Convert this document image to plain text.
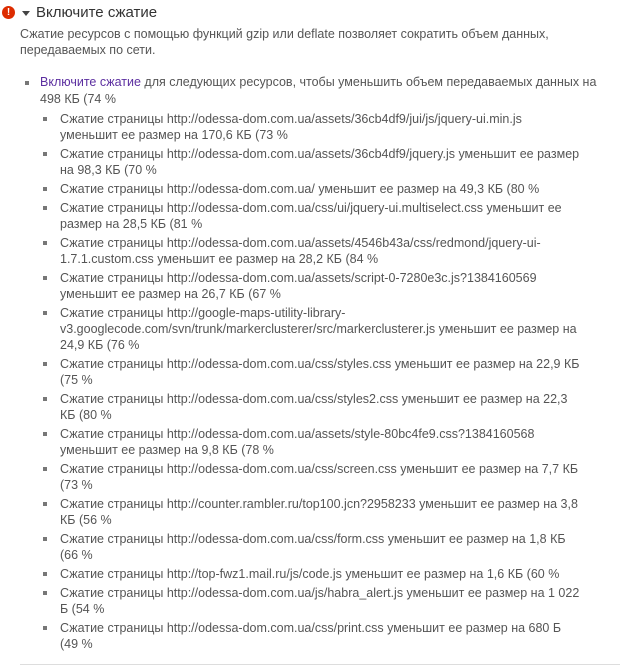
!	Включите сжатие
Сжатие ресурсов с помощью функций gzip или deflate позволяет сократить объем данных, передаваемых по сети.
Включите сжатие для следующих ресурсов, чтобы уменьшить объем передаваемых данных на 498 КБ (74 %
Сжатие страницы http://odessa-dom.com.ua/assets/36cb4df9/jui/js/jquery-ui.min.js уменьшит ее размер на 170,6 КБ (73 %
Сжатие страницы http://odessa-dom.com.ua/assets/36cb4df9/jquery.js уменьшит ее размер на 98,3 КБ (70 %
Сжатие страницы http://odessa-dom.com.ua/ уменьшит ее размер на 49,3 КБ (80 %
Сжатие страницы http://odessa-dom.com.ua/css/ui/jquery-ui.multiselect.css уменьшит ее размер на 28,5 КБ (81 %
Сжатие страницы http://odessa-dom.com.ua/assets/4546b43a/css/redmond/jquery-ui-1.7.1.custom.css уменьшит ее размер на 28,2 КБ (84 %
Сжатие страницы http://odessa-dom.com.ua/assets/script-0-7280e3c.js?1384160569 уменьшит ее размер на 26,7 КБ (67 %
Сжатие страницы http://google-maps-utility-library-v3.googlecode.com/svn/trunk/markerclusterer/src/markerclusterer.js уменьшит ее размер на 24,9 КБ (76 %
Сжатие страницы http://odessa-dom.com.ua/css/styles.css уменьшит ее размер на 22,9 КБ (75 %
Сжатие страницы http://odessa-dom.com.ua/css/styles2.css уменьшит ее размер на 22,3 КБ (80 %
Сжатие страницы http://odessa-dom.com.ua/assets/style-80bc4fe9.css?1384160568 уменьшит ее размер на 9,8 КБ (78 %
Сжатие страницы http://odessa-dom.com.ua/css/screen.css уменьшит ее размер на 7,7 КБ (73 %
Сжатие страницы http://counter.rambler.ru/top100.jcn?2958233 уменьшит ее размер на 3,8 КБ (56 %
Сжатие страницы http://odessa-dom.com.ua/css/form.css уменьшит ее размер на 1,8 КБ (66 %
Сжатие страницы http://top-fwz1.mail.ru/js/code.js уменьшит ее размер на 1,6 КБ (60 %
Сжатие страницы http://odessa-dom.com.ua/js/habra_alert.js уменьшит ее размер на 1 022 Б (54 %
Сжатие страницы http://odessa-dom.com.ua/css/print.css уменьшит ее размер на 680 Б (49 %
